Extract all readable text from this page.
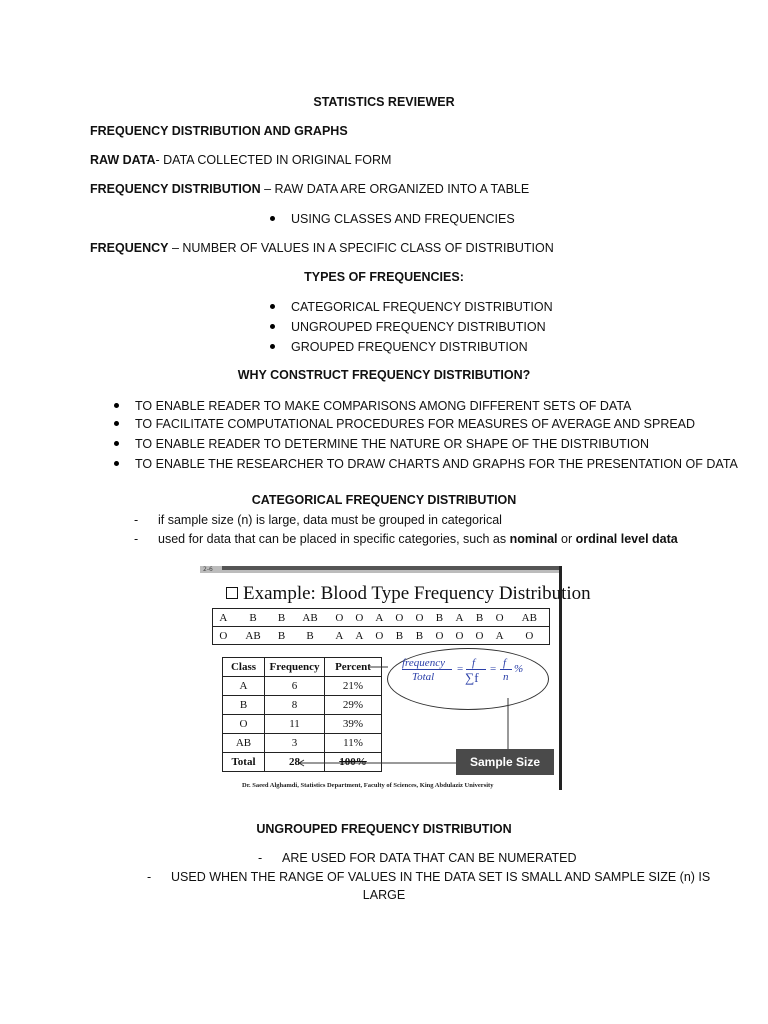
STATISTICS REVIEWER
FREQUENCY DISTRIBUTION AND GRAPHS
RAW DATA- DATA COLLECTED IN ORIGINAL FORM
FREQUENCY DISTRIBUTION – RAW DATA ARE ORGANIZED INTO A TABLE
USING CLASSES AND FREQUENCIES
FREQUENCY – NUMBER OF VALUES IN A SPECIFIC CLASS OF DISTRIBUTION
TYPES OF FREQUENCIES:
CATEGORICAL FREQUENCY DISTRIBUTION
UNGROUPED FREQUENCY DISTRIBUTION
GROUPED FREQUENCY DISTRIBUTION
WHY CONSTRUCT FREQUENCY DISTRIBUTION?
TO ENABLE READER TO MAKE COMPARISONS AMONG DIFFERENT SETS OF DATA
TO FACILITATE COMPUTATIONAL PROCEDURES FOR MEASURES OF AVERAGE AND SPREAD
TO ENABLE READER TO DETERMINE THE NATURE OR SHAPE OF THE DISTRIBUTION
TO ENABLE THE RESEARCHER TO DRAW CHARTS AND GRAPHS FOR THE PRESENTATION OF DATA
CATEGORICAL FREQUENCY DISTRIBUTION
- if sample size (n) is large, data must be grouped in categorical
- used for data that can be placed in specific categories, such as nominal or ordinal level data
2-6
Example: Blood Type Frequency Distribution
A	B	B	AB	O	O	A	O	O	B	A	B	O	AB
O	AB	B	B	A	A	O	B	B	O	O	O	A	O
Class	Frequency	Percent
A	6	21%
B	8	29%
O	11	39%
AB	3	11%
Total	28	100%
frequency
Total
= f
∑f
= f
n
%
Sample Size
Dr. Saeed Alghamdi, Statistics Department, Faculty of Sciences, King Abdulaziz University
UNGROUPED FREQUENCY DISTRIBUTION
- ARE USED FOR DATA THAT CAN BE NUMERATED
- USED WHEN THE RANGE OF VALUES IN THE DATA SET IS SMALL AND SAMPLE SIZE (n) IS
LARGE
